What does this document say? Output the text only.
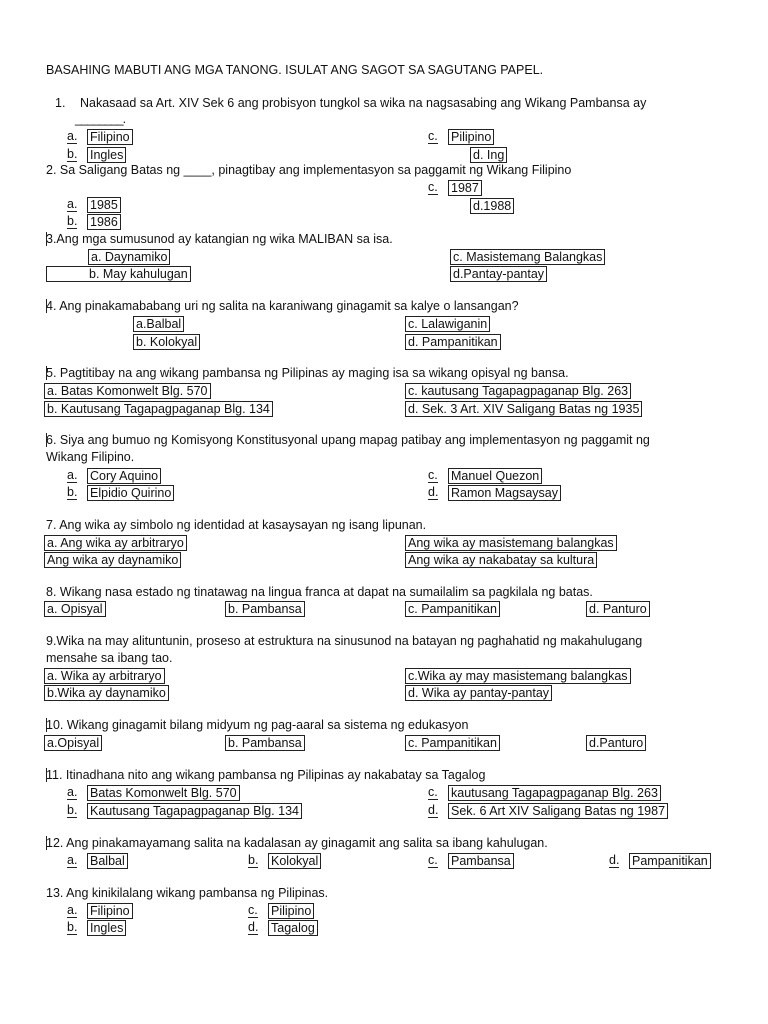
BASAHING MABUTI ANG MGA TANONG. ISULAT ANG SAGOT SA SAGUTANG PAPEL.
1. Nakasaad sa Art. XIV Sek 6 ang probisyon tungkol sa wika na nagsasabing ang Wikang Pambansa ay
________.
a. Filipino
b. Ingles
c. Pilipino
d. Ing
2. Sa Saligang Batas ng ____, pinagtibay ang implementasyon sa paggamit ng Wikang Filipino
c. 1987
a. 1985	d.1988
b. 1986
3.Ang mga sumusunod ay katangian ng wika MALIBAN sa isa.
a. Daynamiko
b. May kahulugan
c. Masistemang Balangkas
d.Pantay-pantay
4. Ang pinakamababang uri ng salita na karaniwang ginagamit sa kalye o lansangan?
a.Balbal
b. Kolokyal
c. Lalawiganin
d. Pampanitikan
5. Pagtitibay na ang wikang pambansa ng Pilipinas ay maging isa sa wikang opisyal ng bansa.
a. Batas Komonwelt Blg. 570
b. Kautusang Tagapagpaganap Blg. 134
c. kautusang Tagapagpaganap Blg. 263
d. Sek. 3 Art. XIV Saligang Batas ng 1935
6. Siya ang bumuo ng Komisyong Konstitusyonal upang mapag patibay ang implementasyon ng paggamit ng
Wikang Filipino.
a. Cory Aquino
b. Elpidio Quirino
c. Manuel Quezon
d. Ramon Magsaysay
7. Ang wika ay simbolo ng identidad at kasaysayan ng isang lipunan.
a. Ang wika ay arbitraryo
Ang wika ay daynamiko
Ang wika ay masistemang balangkas
Ang wika ay nakabatay sa kultura
8. Wikang nasa estado ng tinatawag na lingua franca at dapat na sumailalim sa pagkilala ng batas.
a. Opisyal	b. Pambansa	c. Pampanitikan	d. Panturo
9.Wika na may alituntunin, proseso at estruktura na sinusunod na batayan ng paghahatid ng makahulugang
mensahe sa ibang tao.
a. Wika ay arbitraryo
b.Wika ay daynamiko
c.Wika ay may masistemang balangkas
d. Wika ay pantay-pantay
10. Wikang ginagamit bilang midyum ng pag-aaral sa sistema ng edukasyon
a.Opisyal	b. Pambansa	c. Pampanitikan	d.Panturo
11. Itinadhana nito ang wikang pambansa ng Pilipinas ay nakabatay sa Tagalog
a. Batas Komonwelt Blg. 570
b. Kautusang Tagapagpaganap Blg. 134
c. kautusang Tagapagpaganap Blg. 263
d. Sek. 6 Art XIV Saligang Batas ng 1987
12. Ang pinakamayamang salita na kadalasan ay ginagamit ang salita sa ibang kahulugan.
a. Balbal	b. Kolokyal	c. Pambansa	d. Pampanitikan
13. Ang kinikilalang wikang pambansa ng Pilipinas.
a. Filipino
b. Ingles
c. Pilipino
d. Tagalog
